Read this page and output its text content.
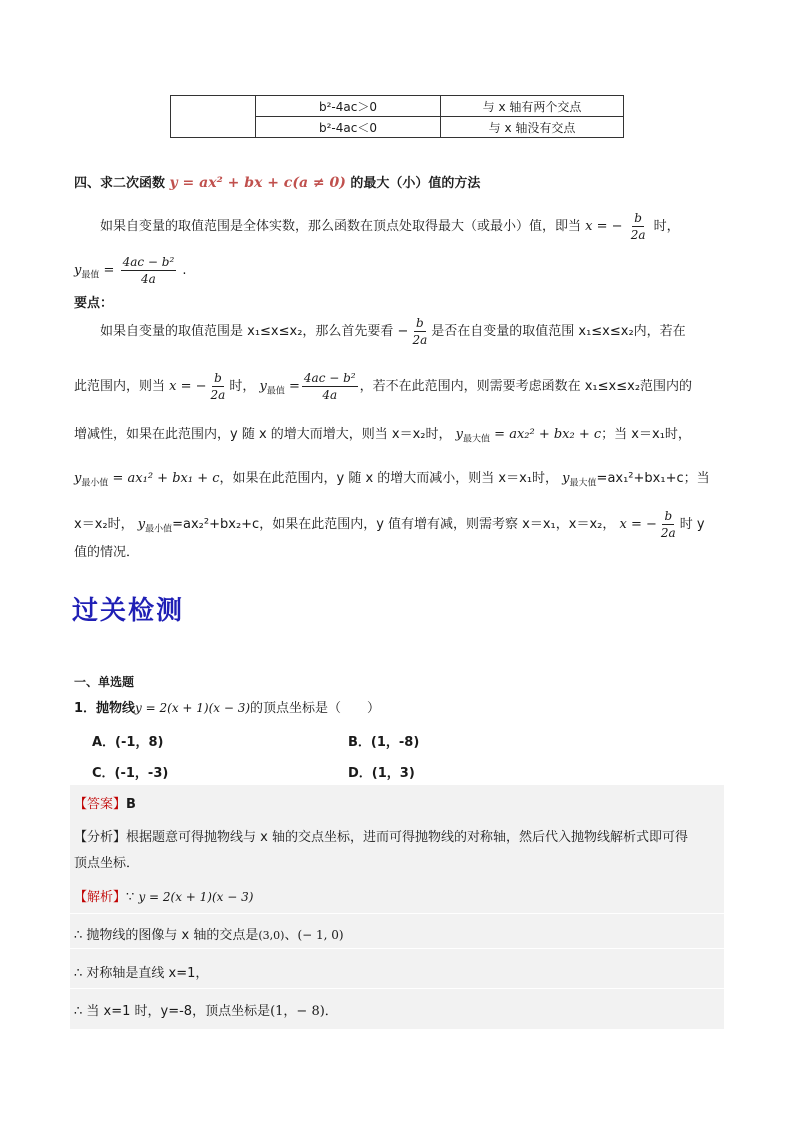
	b²-4ac＞0	与 x 轴有两个交点
	b²-4ac＜0	与 x 轴没有交点
四、求二次函数 y = ax² + bx + c(a ≠ 0) 的最大（小）值的方法
如果自变量的取值范围是全体实数，那么函数在顶点处取得最大（或最小）值，即当 x = − $\frac{b}{2a}$ 时，
$y_{最值} = \frac{\text{4ac − b²}}{4a}$ .
要点：
如果自变量的取值范围是 x₁≤x≤x₂，那么首先要看 − $\frac{b}{2a}$ 是否在自变量的取值范围 x₁≤x≤x₂内，若在
此范围内，则当 x = − $\frac{b}{2a}$ 时， $y_{最值} = \frac{\text{4ac − b²}}{4a}$ ，若不在此范围内，则需要考虑函数在 x₁≤x≤x₂范围内的
增减性，如果在此范围内，y 随 x 的增大而增大，则当 x＝x₂时， $y_{最大值} = ax_2^2 + bx_2 + c$；当 x＝x₁时，
$y_{最小值} = ax_1^2 + bx_1 + c$，如果在此范围内，y 随 x 的增大而减小，则当 x＝x₁时， $y_{最大值}=ax_1^2+bx_1+c$；当
x＝x₂时， $y_{最小值}=ax_2^2+bx_2+c$，如果在此范围内，y 值有增有减，则需考察 x＝x₁，x＝x₂， x = − $\frac{b}{2a}$ 时 y
值的情况．
过关检测
一、单选题
1．抛物线y = 2(x + 1)(x − 3)的顶点坐标是（　　）
A．(-1，8)	B．(1，-8)
C．(-1，-3)	D．(1，3)
【答案】B
【分析】根据题意可得抛物线与 x 轴的交点坐标，进而可得抛物线的对称轴，然后代入抛物线解析式即可得
顶点坐标．
【解析】∵ y = 2(x + 1)(x − 3)
∴ 抛物线的图像与 x 轴的交点是(3,0)、(− 1, 0)
∴ 对称轴是直线 x=1，
∴ 当 x=1 时，y=-8，顶点坐标是(1，− 8)．
